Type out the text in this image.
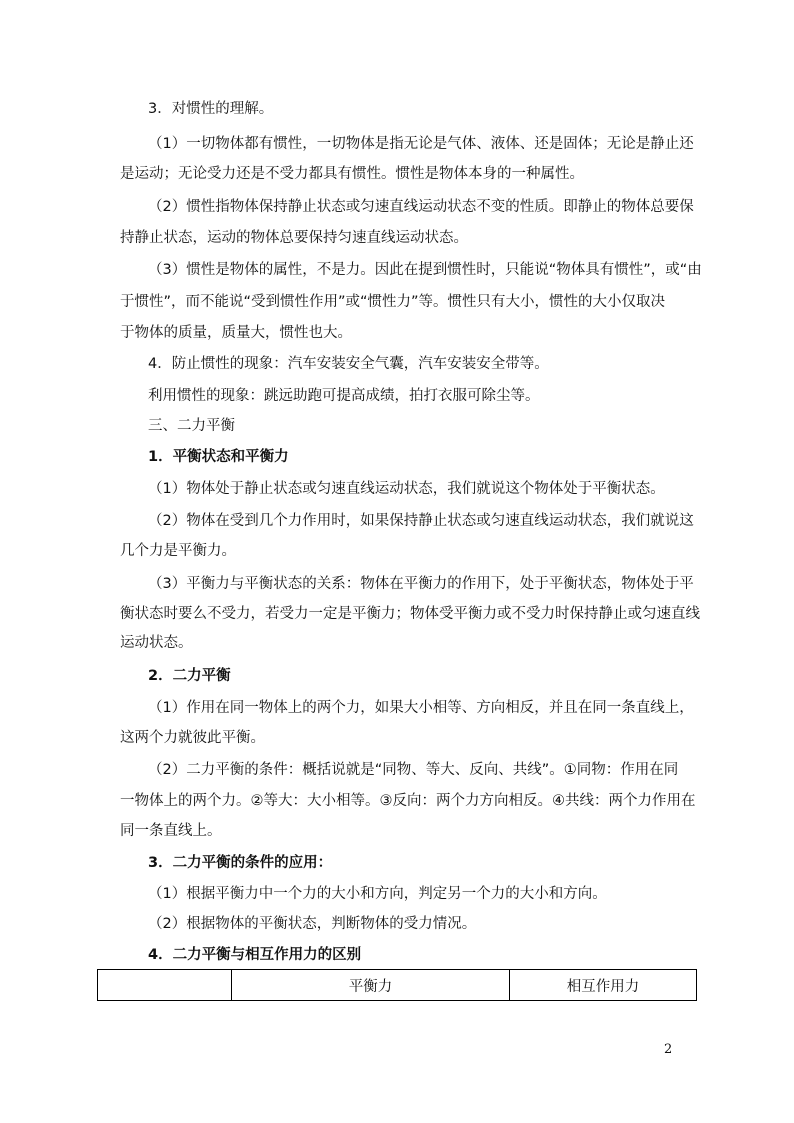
3．对惯性的理解。
（1）一切物体都有惯性，一切物体是指无论是气体、液体、还是固体；无论是静止还
是运动；无论受力还是不受力都具有惯性。惯性是物体本身的一种属性。
（2）惯性指物体保持静止状态或匀速直线运动状态不变的性质。即静止的物体总要保
持静止状态，运动的物体总要保持匀速直线运动状态。
（3）惯性是物体的属性，不是力。因此在提到惯性时，只能说“物体具有惯性”，或“由
于惯性”，而不能说“受到惯性作用”或“惯性力”等。惯性只有大小，惯性的大小仅取决
于物体的质量，质量大，惯性也大。
4．防止惯性的现象：汽车安装安全气囊，汽车安装安全带等。
利用惯性的现象：跳远助跑可提高成绩，拍打衣服可除尘等。
三、二力平衡
1．平衡状态和平衡力
（1）物体处于静止状态或匀速直线运动状态，我们就说这个物体处于平衡状态。
（2）物体在受到几个力作用时，如果保持静止状态或匀速直线运动状态，我们就说这
几个力是平衡力。
（3）平衡力与平衡状态的关系：物体在平衡力的作用下，处于平衡状态，物体处于平
衡状态时要么不受力，若受力一定是平衡力；物体受平衡力或不受力时保持静止或匀速直线
运动状态。
2．二力平衡
（1）作用在同一物体上的两个力，如果大小相等、方向相反，并且在同一条直线上，
这两个力就彼此平衡。
（2）二力平衡的条件：概括说就是“同物、等大、反向、共线”。①同物：作用在同
一物体上的两个力。②等大：大小相等。③反向：两个力方向相反。④共线：两个力作用在
同一条直线上。
3．二力平衡的条件的应用：
（1）根据平衡力中一个力的大小和方向，判定另一个力的大小和方向。
（2）根据物体的平衡状态，判断物体的受力情况。
4．二力平衡与相互作用力的区别
	平衡力	相互作用力
2
